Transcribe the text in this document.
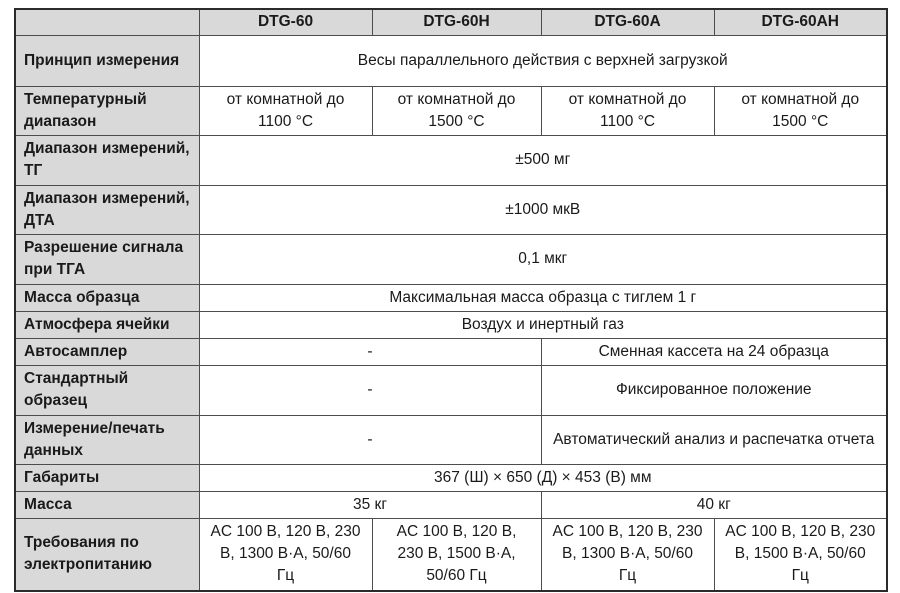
	DTG-60	DTG-60H	DTG-60A	DTG-60AH
Принцип измерения	Весы параллельного действия с верхней загрузкой			
Температурный диапазон	от комнатной до 1100 °C	от комнатной до 1500 °C	от комнатной до 1100 °C	от комнатной до 1500 °C
Диапазон измерений, ТГ	±500 мг			
Диапазон измерений, ДТА	±1000 мкВ			
Разрешение сигнала при ТГА	0,1 мкг			
Масса образца	Максимальная масса образца с тиглем 1 г			
Атмосфера ячейки	Воздух и инертный газ			
Автосамплер	-		Сменная кассета на 24 образца	
Стандартный образец	-		Фиксированное положение	
Измерение/печать данных	-		Автоматический анализ и распечатка отчета	
Габариты	367 (Ш) × 650 (Д) × 453 (В) мм			
Масса	35 кг		40 кг	
Требования по электропитанию	AC 100 В, 120 В, 230 В, 1300 В·А, 50/60 Гц	AC 100 В, 120 В, 230 В, 1500 В·А, 50/60 Гц	AC 100 В, 120 В, 230 В, 1300 В·А, 50/60 Гц	AC 100 В, 120 В, 230 В, 1500 В·А, 50/60 Гц
